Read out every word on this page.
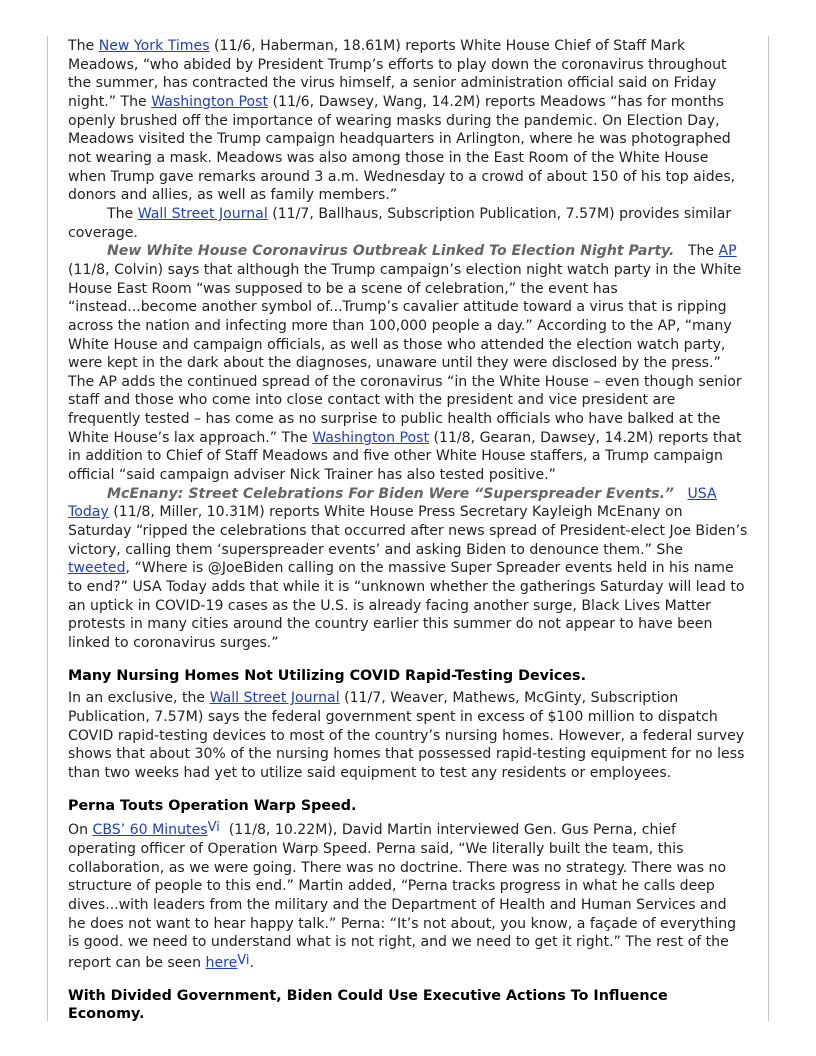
The New York Times (11/6, Haberman, 18.61M) reports White House Chief of Staff Mark Meadows, “who abided by President Trump’s efforts to play down the coronavirus throughout the summer, has contracted the virus himself, a senior administration official said on Friday night.” The Washington Post (11/6, Dawsey, Wang, 14.2M) reports Meadows “has for months openly brushed off the importance of wearing masks during the pandemic. On Election Day, Meadows visited the Trump campaign headquarters in Arlington, where he was photographed not wearing a mask. Meadows was also among those in the East Room of the White House when Trump gave remarks around 3 a.m. Wednesday to a crowd of about 150 of his top aides, donors and allies, as well as family members.”

The Wall Street Journal (11/7, Ballhaus, Subscription Publication, 7.57M) provides similar coverage.

New White House Coronavirus Outbreak Linked To Election Night Party.   The AP (11/8, Colvin) says that although the Trump campaign’s election night watch party in the White House East Room “was supposed to be a scene of celebration,” the event has “instead...become another symbol of...Trump’s cavalier attitude toward a virus that is ripping across the nation and infecting more than 100,000 people a day.” According to the AP, “many White House and campaign officials, as well as those who attended the election watch party, were kept in the dark about the diagnoses, unaware until they were disclosed by the press.” The AP adds the continued spread of the coronavirus “in the White House – even though senior staff and those who come into close contact with the president and vice president are frequently tested – has come as no surprise to public health officials who have balked at the White House’s lax approach.” The Washington Post (11/8, Gearan, Dawsey, 14.2M) reports that in addition to Chief of Staff Meadows and five other White House staffers, a Trump campaign official “said campaign adviser Nick Trainer has also tested positive.”

McEnany: Street Celebrations For Biden Were “Superspreader Events.” USA Today (11/8, Miller, 10.31M) reports White House Press Secretary Kayleigh McEnany on Saturday “ripped the celebrations that occurred after news spread of President-elect Joe Biden’s victory, calling them ‘superspreader events’ and asking Biden to denounce them.” She tweeted, “Where is @JoeBiden calling on the massive Super Spreader events held in his name to end?” USA Today adds that while it is “unknown whether the gatherings Saturday will lead to an uptick in COVID-19 cases as the U.S. is already facing another surge, Black Lives Matter protests in many cities around the country earlier this summer do not appear to have been linked to coronavirus surges.”

Many Nursing Homes Not Utilizing COVID Rapid-Testing Devices.

In an exclusive, the Wall Street Journal (11/7, Weaver, Mathews, McGinty, Subscription Publication, 7.57M) says the federal government spent in excess of $100 million to dispatch COVID rapid-testing devices to most of the country’s nursing homes. However, a federal survey shows that about 30% of the nursing homes that possessed rapid-testing equipment for no less than two weeks had yet to utilize said equipment to test any residents or employees.

Perna Touts Operation Warp Speed.

On CBS’ 60 MinutesVi  (11/8, 10.22M), David Martin interviewed Gen. Gus Perna, chief operating officer of Operation Warp Speed. Perna said, “We literally built the team, this collaboration, as we were going. There was no doctrine. There was no strategy. There was no structure of people to this end.” Martin added, “Perna tracks progress in what he calls deep dives...with leaders from the military and the Department of Health and Human Services and he does not want to hear happy talk.” Perna: “It’s not about, you know, a façade of everything is good. we need to understand what is not right, and we need to get it right.” The rest of the report can be seen hereVi.

With Divided Government, Biden Could Use Executive Actions To Influence Economy.
